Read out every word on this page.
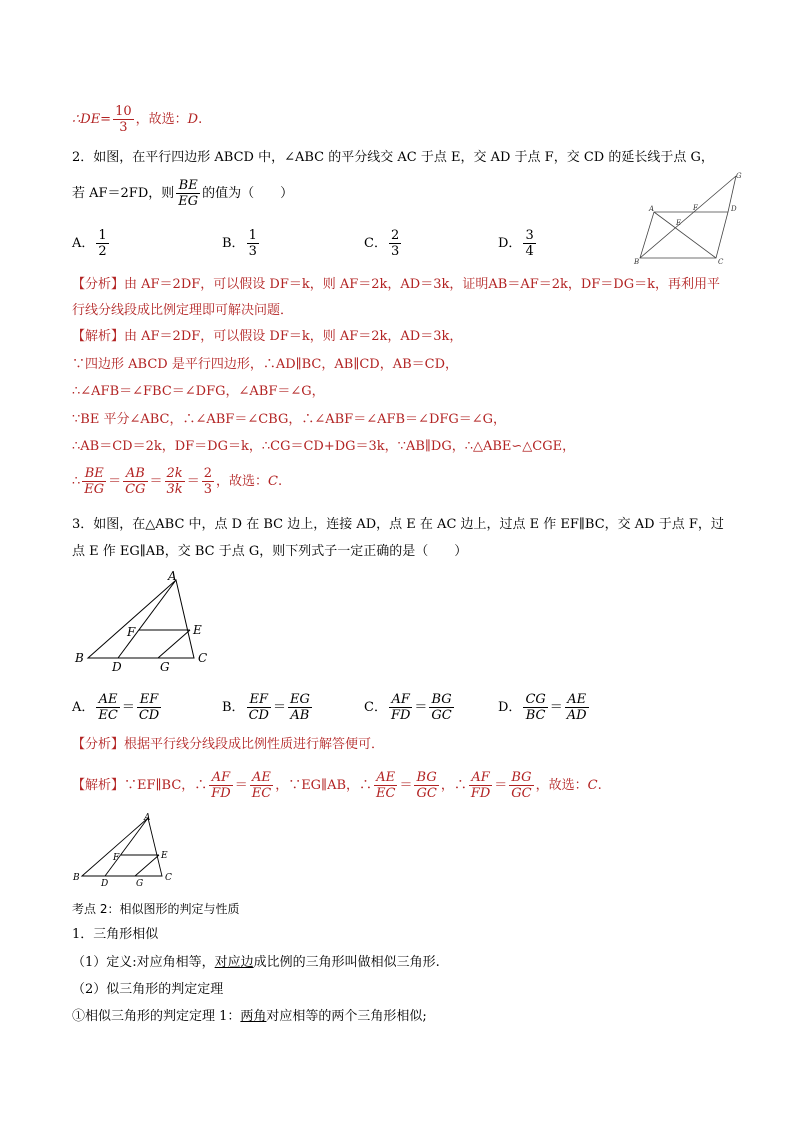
∴DE= $\frac{10}{3}$ ，故选：D.
2．如图，在平行四边形 ABCD 中，∠ABC 的平分线交 AC 于点 E，交 AD 于点 F，交 CD 的延长线于点 G，
若 AF＝2FD，则 $\frac{BE}{EG}$ 的值为（　　）
A． $\frac{1}{2}$	B． $\frac{1}{3}$	C． $\frac{2}{3}$	D． $\frac{3}{4}$
A
B	C
D
E
F
G
【分析】由 AF＝2DF，可以假设 DF＝k，则 AF＝2k，AD＝3k，证明AB＝AF＝2k，DF＝DG＝k，再利用平
行线分线段成比例定理即可解决问题．
【解析】由 AF＝2DF，可以假设 DF＝k，则 AF＝2k，AD＝3k，
∵四边形 ABCD 是平行四边形，∴AD∥BC，AB∥CD，AB＝CD，
∴∠AFB＝∠FBC＝∠DFG，∠ABF＝∠G，
∵BE 平分∠ABC，∴∠ABF＝∠CBG，∴∠ABF＝∠AFB＝∠DFG＝∠G，
∴AB＝CD＝2k，DF＝DG＝k，∴CG＝CD+DG＝3k，∵AB∥DG，∴△ABE∽△CGE，
∴ $\frac{BE}{EG} = \frac{AB}{CG} = \frac{2k}{3k} = \frac{2}{3}$ ，故选：C.
3．如图，在△ABC 中，点 D 在 BC 边上，连接 AD，点 E 在 AC 边上，过点 E 作 EF∥BC，交 AD 于点 F，过
点 E 作 EG∥AB，交 BC 于点 G，则下列式子一定正确的是（　　）
A
B	C
D
E
F
G
A． $\frac{AE}{EC} = \frac{EF}{CD}$	B． $\frac{EF}{CD} = \frac{EG}{AB}$	C． $\frac{AF}{FD} = \frac{BG}{GC}$	D． $\frac{CG}{BC} = \frac{AE}{AD}$
【分析】根据平行线分线段成比例性质进行解答便可．
【解析】∵EF∥BC，∴ $\frac{AF}{FD} = \frac{AE}{EC}$ ，∵EG∥AB，∴ $\frac{AE}{EC} = \frac{BG}{GC}$ ，∴ $\frac{AF}{FD} = \frac{BG}{GC}$ ，故选：C.
A
B	C
D
E
F
G
考点 2：相似图形的判定与性质
1．三角形相似
（1）定义:对应角相等，对应边成比例的三角形叫做相似三角形.
（2）似三角形的判定定理
①相似三角形的判定定理 1：两角对应相等的两个三角形相似;
